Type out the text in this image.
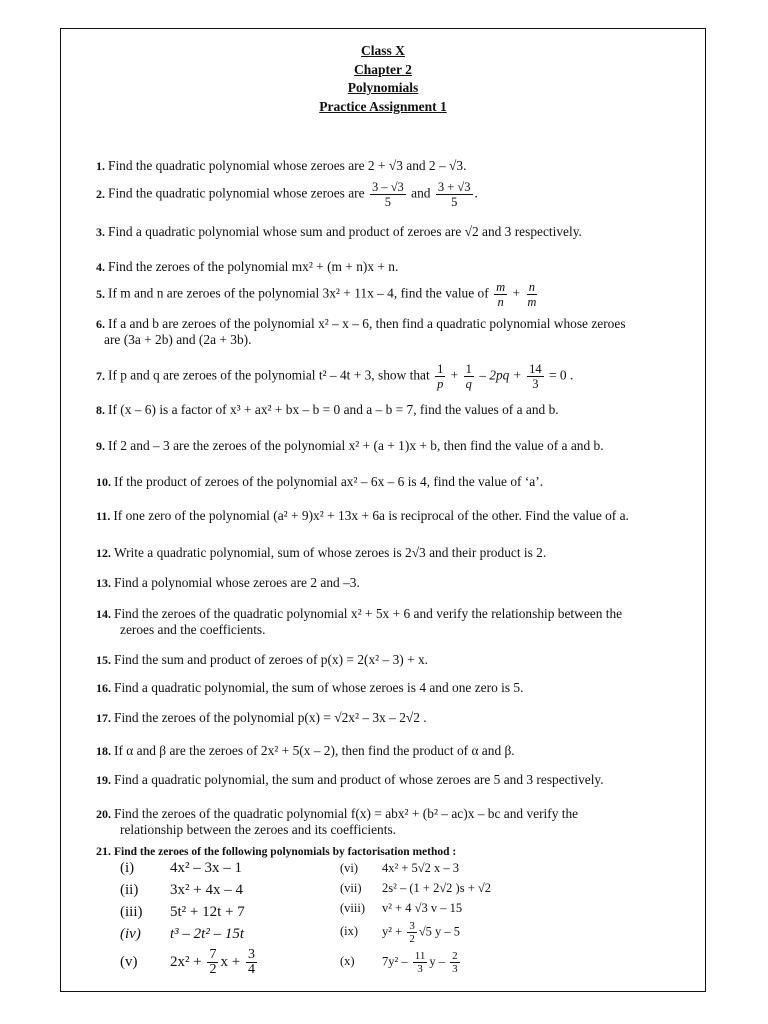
Class X
Chapter 2
Polynomials
Practice Assignment 1
1. Find the quadratic polynomial whose zeroes are 2 + √3 and 2 – √3.
2. Find the quadratic polynomial whose zeroes are $\frac{3 - √3}{5}$ and $\frac{3 + √3}{5}$ .
3. Find a quadratic polynomial whose sum and product of zeroes are √2 and 3 respectively.
4. Find the zeroes of the polynomial mx² + (m + n)x + n.
5. If m and n are zeroes of the polynomial 3x² + 11x – 4, find the value of $\frac{m}{n} + \frac{n}{m}$
6. If a and b are zeroes of the polynomial x² – x – 6, then find a quadratic polynomial whose zeroes
are (3a + 2b) and (2a + 3b).
7. If p and q are zeroes of the polynomial t² – 4t + 3, show that $\frac{1}{p} + \frac{1}{q} - 2pq + \frac{14}{3} = 0$ .
8. If (x – 6) is a factor of x³ + ax² + bx – b = 0 and a – b = 7, find the values of a and b.
9. If 2 and – 3 are the zeroes of the polynomial x² + (a + 1)x + b, then find the value of a and b.
10. If the product of zeroes of the polynomial ax² – 6x – 6 is 4, find the value of ‘a’.
11. If one zero of the polynomial (a² + 9)x² + 13x + 6a is reciprocal of the other. Find the value of a.
12. Write a quadratic polynomial, sum of whose zeroes is 2√3 and their product is 2.
13. Find a polynomial whose zeroes are 2 and –3.
14. Find the zeroes of the quadratic polynomial x² + 5x + 6 and verify the relationship between the
zeroes and the coefficients.
15. Find the sum and product of zeroes of p(x) = 2(x² – 3) + x.
16. Find a quadratic polynomial, the sum of whose zeroes is 4 and one zero is 5.
17. Find the zeroes of the polynomial p(x) = √2x² – 3x – 2√2 .
18. If α and β are the zeroes of 2x² + 5(x – 2), then find the product of α and β.
19. Find a quadratic polynomial, the sum and product of whose zeroes are 5 and 3 respectively.
20. Find the zeroes of the quadratic polynomial f(x) = abx² + (b² – ac)x – bc and verify the
relationship between the zeroes and its coefficients.
21. Find the zeroes of the following polynomials by factorisation method :
(i) 4x² – 3x – 1
(ii) 3x² + 4x – 4
(iii) 5t² + 12t + 7
(iv) t³ – 2t² – 15t
(v) $2x^2 + \frac{7}{2}$ $x + \frac{3}{4}$
(vi) 4x² + 5√2 x – 3
(vii) 2s² – (1 + 2√2 )s + √2
(viii) v² + 4 √3 v – 15
(ix) $y^2 + \frac{3}{2} √5$ y – 5
(x) $7y^2 - \frac{11}{3}$ y – $\frac{2}{3}$
